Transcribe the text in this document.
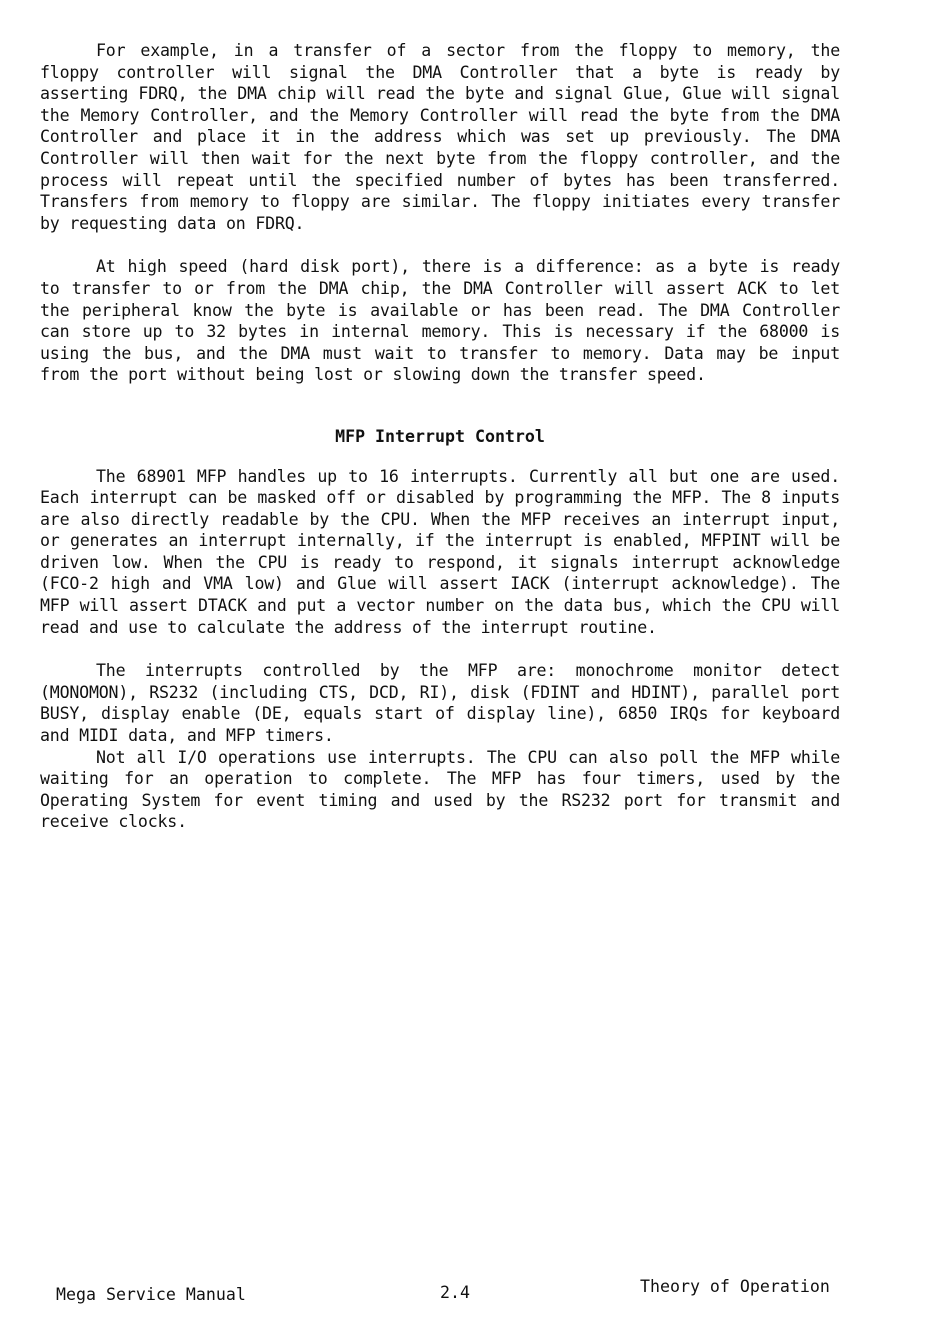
For example, in a transfer of a sector from the floppy to memory, the floppy controller will signal the DMA Controller that a byte is ready by asserting FDRQ, the DMA chip will read the byte and signal Glue, Glue will signal the Memory Controller, and the Memory Controller will read the byte from the DMA Controller and place it in the address which was set up previously. The DMA Controller will then wait for the next byte from the floppy controller, and the process will repeat until the specified number of bytes has been transferred. Transfers from memory to floppy are similar. The floppy initiates every transfer by requesting data on FDRQ.

At high speed (hard disk port), there is a difference: as a byte is ready to transfer to or from the DMA chip, the DMA Controller will assert ACK to let the peripheral know the byte is available or has been read. The DMA Controller can store up to 32 bytes in internal memory. This is necessary if the 68000 is using the bus, and the DMA must wait to transfer to memory. Data may be input from the port without being lost or slowing down the transfer speed.

MFP Interrupt Control

The 68901 MFP handles up to 16 interrupts. Currently all but one are used. Each interrupt can be masked off or disabled by programming the MFP. The 8 inputs are also directly readable by the CPU. When the MFP receives an interrupt input, or generates an interrupt internally, if the interrupt is enabled, MFPINT will be driven low. When the CPU is ready to respond, it signals interrupt acknowledge (FCO-2 high and VMA low) and Glue will assert IACK (interrupt acknowledge). The MFP will assert DTACK and put a vector number on the data bus, which the CPU will read and use to calculate the address of the interrupt routine.

The interrupts controlled by the MFP are: monochrome monitor detect (MONOMON), RS232 (including CTS, DCD, RI), disk (FDINT and HDINT), parallel port BUSY, display enable (DE, equals start of display line), 6850 IRQs for keyboard and MIDI data, and MFP timers.

Not all I/O operations use interrupts. The CPU can also poll the MFP while waiting for an operation to complete. The MFP has four timers, used by the Operating System for event timing and used by the RS232 port for transmit and receive clocks.

Mega Service Manual	2.4	Theory of Operation
